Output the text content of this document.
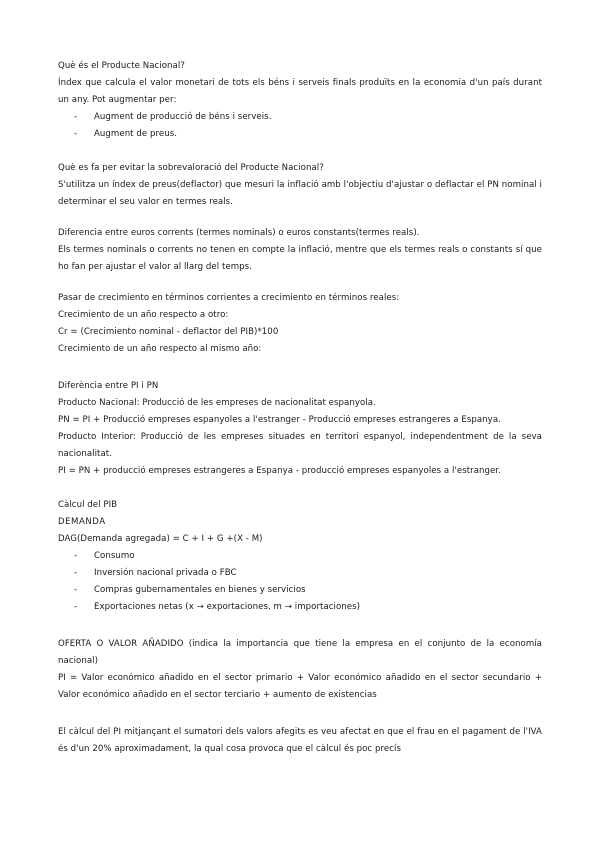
Què és el Producte Nacional?
Índex que calcula el valor monetari de tots els béns i serveis finals produïts en la economia d'un país durant un any. Pot augmentar per:
- Augment de producció de béns i serveis.
- Augment de preus.
Què es fa per evitar la sobrevaloració del Producte Nacional?
S'utilitza un índex de preus(deflactor) que mesuri la inflació amb l'objectiu d'ajustar o deflactar el PN nominal i determinar el seu valor en termes reals.
Diferencia entre euros corrents (termes nominals) o euros constants(termes reals).
Els termes nominals o corrents no tenen en compte la inflació, mentre que els termes reals o constants sí que ho fan per ajustar el valor al llarg del temps.
Pasar de crecimiento en términos corrientes a crecimiento en términos reales:
Crecimiento de un año respecto a otro:
Cr = (Crecimiento nominal - deflactor del PIB)*100
Crecimiento de un año respecto al mismo año:
Diferència entre PI i PN
Producto Nacional: Producció de les empreses de nacionalitat espanyola.
PN = PI + Producció empreses espanyoles a l'estranger - Producció empreses estrangeres a Espanya.
Producto Interior: Producció de les empreses situades en territori espanyol, independentment de la seva nacionalitat.
PI = PN + producció empreses estrangeres a Espanya - producció empreses espanyoles a l'estranger.
Càlcul del PIB
DEMANDA
DAG(Demanda agregada) = C + I + G +(X - M)
- Consumo
- Inversión nacional privada o FBC
- Compras gubernamentales en bienes y servicios
- Exportaciones netas (x → exportaciones, m → importaciones)
OFERTA O VALOR AÑADIDO (indica la importancia que tiene la empresa en el conjunto de la economía nacional)
PI = Valor económico añadido en el sector primario + Valor económico añadido en el sector secundario + Valor económico añadido en el sector terciario + aumento de existencias
El càlcul del PI mitjançant el sumatori dels valors afegits es veu afectat en que el frau en el pagament de l'IVA és d'un 20% aproximadament, la qual cosa provoca que el càlcul és poc precís
